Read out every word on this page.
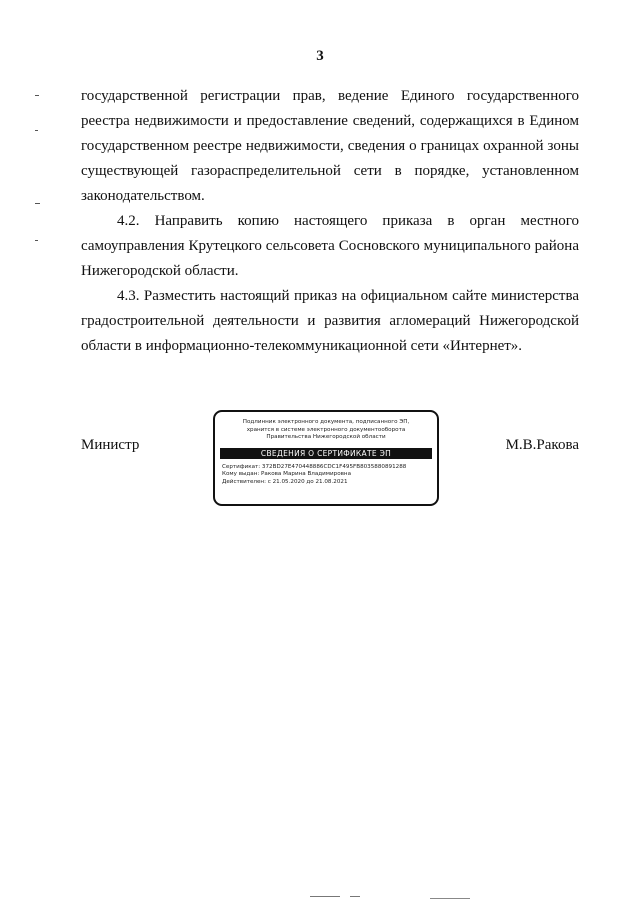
3

государственной регистрации прав, ведение Единого государственного реестра недвижимости и предоставление сведений, содержащихся в Едином государственном реестре недвижимости, сведения о границах охранной зоны существующей газораспределительной сети в порядке, установленном законодательством.

4.2. Направить копию настоящего приказа в орган местного самоуправления Крутецкого сельсовета Сосновского муниципального района Нижегородской области.

4.3. Разместить настоящий приказ на официальном сайте министерства градостроительной деятельности и развития агломераций Нижегородской области в информационно-телекоммуникационной сети «Интернет».

Министр	М.В.Ракова
Подлинник электронного документа, подписанного ЭП,
хранится в системе электронного документооборота
Правительства Нижегородской области
СВЕДЕНИЯ О СЕРТИФИКАТЕ ЭП
Сертификат: 372BD27E470448886CDC1F495FB8035880891288
Кому выдан: Ракова Марина Владимировна
Действителен: с 21.05.2020 до 21.08.2021
